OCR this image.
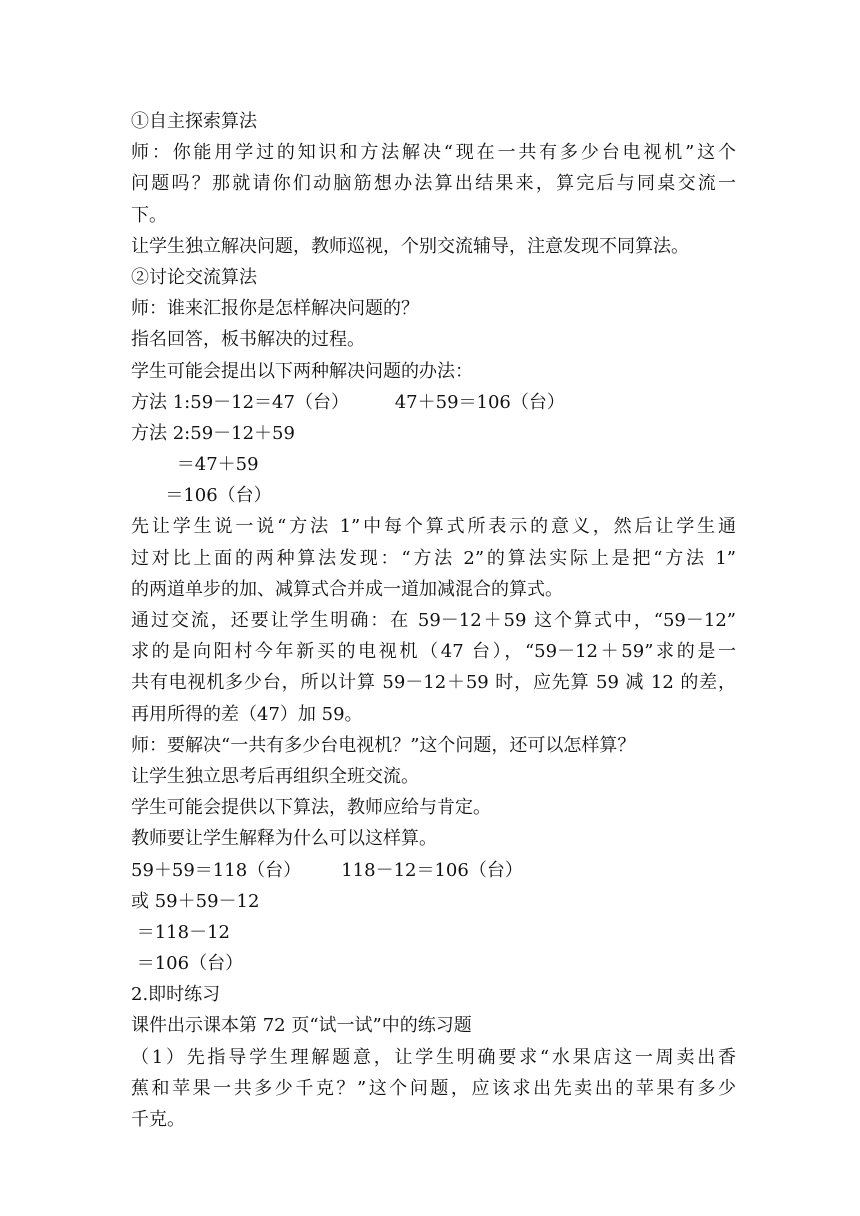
①自主探索算法
师：你能用学过的知识和方法解决“现在一共有多少台电视机”这个
问题吗？那就请你们动脑筋想办法算出结果来，算完后与同桌交流一
下。
让学生独立解决问题，教师巡视，个别交流辅导，注意发现不同算法。
②讨论交流算法
师：谁来汇报你是怎样解决问题的？
指名回答，板书解决的过程。
学生可能会提出以下两种解决问题的办法：
方法 1:59－12＝47（台）        47＋59＝106（台）
方法 2:59－12＋59
＝47＋59
＝106（台）
先让学生说一说“方法 1”中每个算式所表示的意义，然后让学生通
过对比上面的两种算法发现：“方法 2”的算法实际上是把“方法 1”
的两道单步的加、减算式合并成一道加减混合的算式。
通过交流，还要让学生明确：在 59－12＋59 这个算式中，“59－12”
求的是向阳村今年新买的电视机（47 台），“59－12＋59”求的是一
共有电视机多少台，所以计算 59－12＋59 时，应先算 59 减 12 的差，
再用所得的差（47）加 59。
师：要解决“一共有多少台电视机？”这个问题，还可以怎样算？
让学生独立思考后再组织全班交流。
学生可能会提供以下算法，教师应给与肯定。
教师要让学生解释为什么可以这样算。
59＋59＝118（台）       118－12＝106（台）
或 59＋59－12
＝118－12
＝106（台）
2.即时练习
课件出示课本第 72 页“试一试”中的练习题
（1）先指导学生理解题意，让学生明确要求“水果店这一周卖出香
蕉和苹果一共多少千克？”这个问题，应该求出先卖出的苹果有多少
千克。
